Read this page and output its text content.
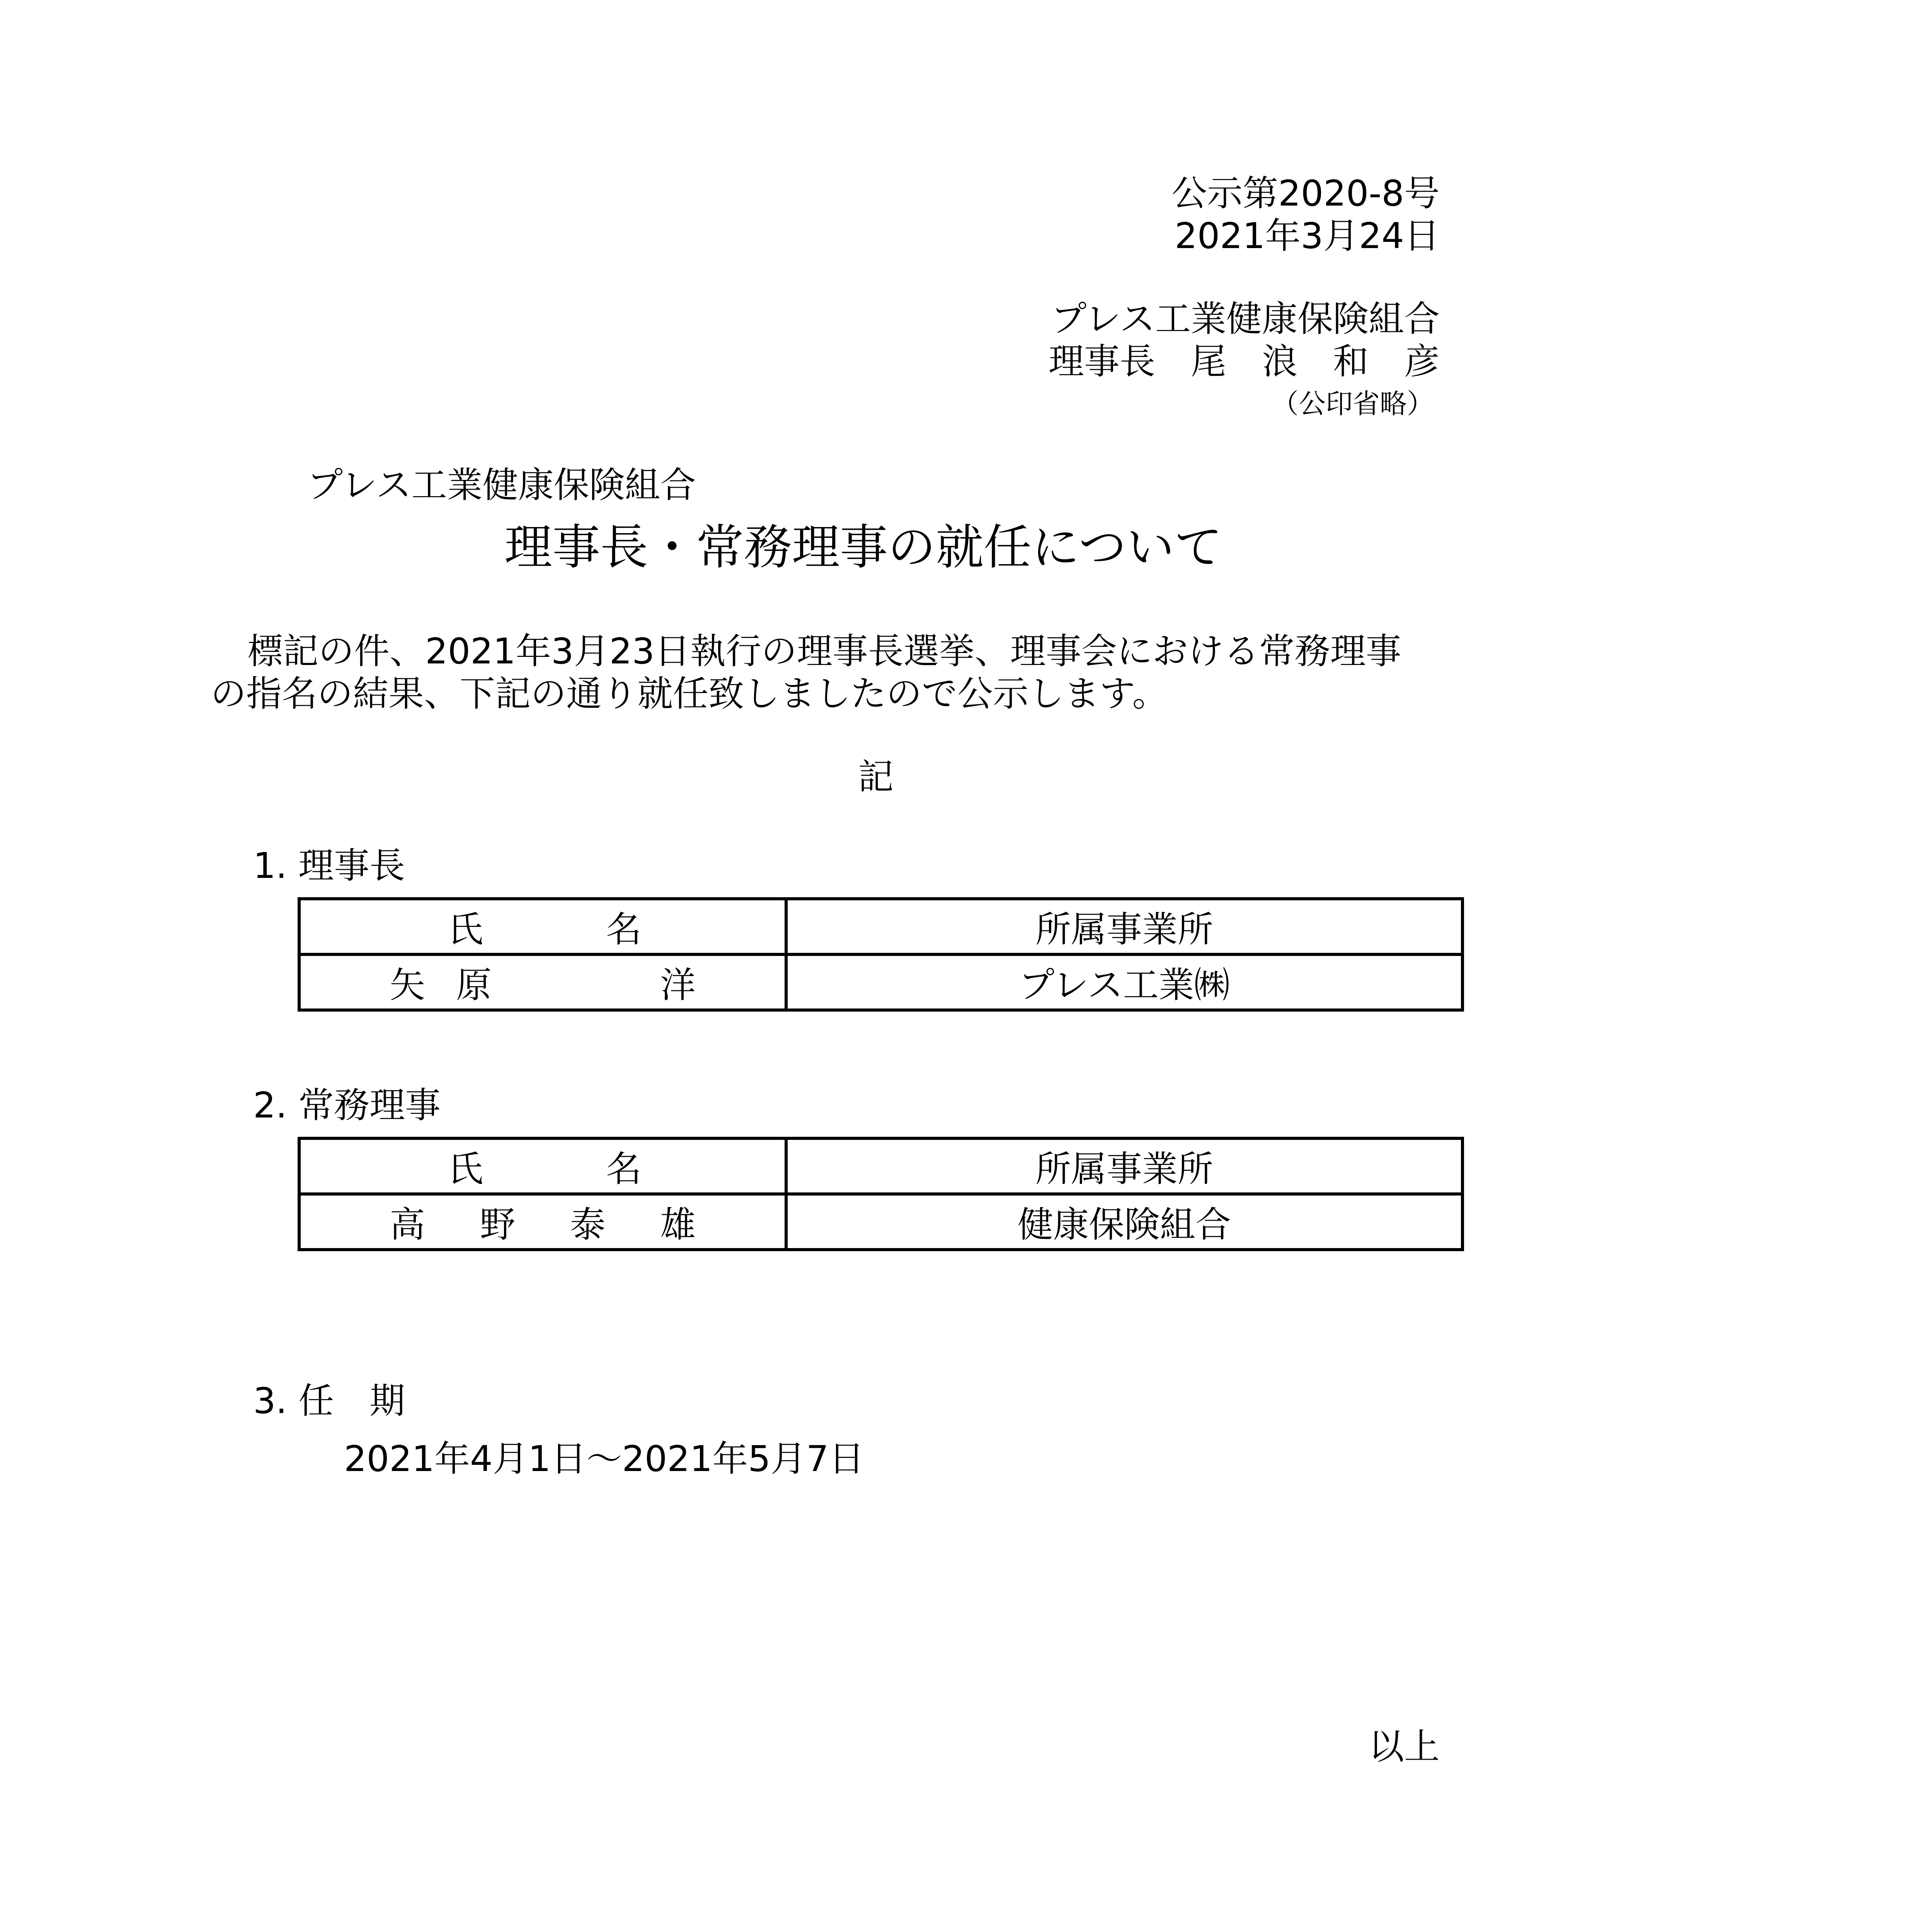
公示第2020-8号
2021年3月24日
プレス工業健康保険組合
理事長　尾　浪　和　彦
（公印省略）
プレス工業健康保険組合
理事長・常務理事の就任について
標記の件、2021年3月23日執行の理事長選挙、理事会における常務理事
の指名の結果、下記の通り就任致しましたので公示します。
記
1. 理事長
氏 名	所属事業所

矢 原 洋	プレス工業㈱
2. 常務理事
氏 名	所属事業所

高 野 泰 雄	健康保険組合
3. 任　期
2021年4月1日～2021年5月7日
以上
